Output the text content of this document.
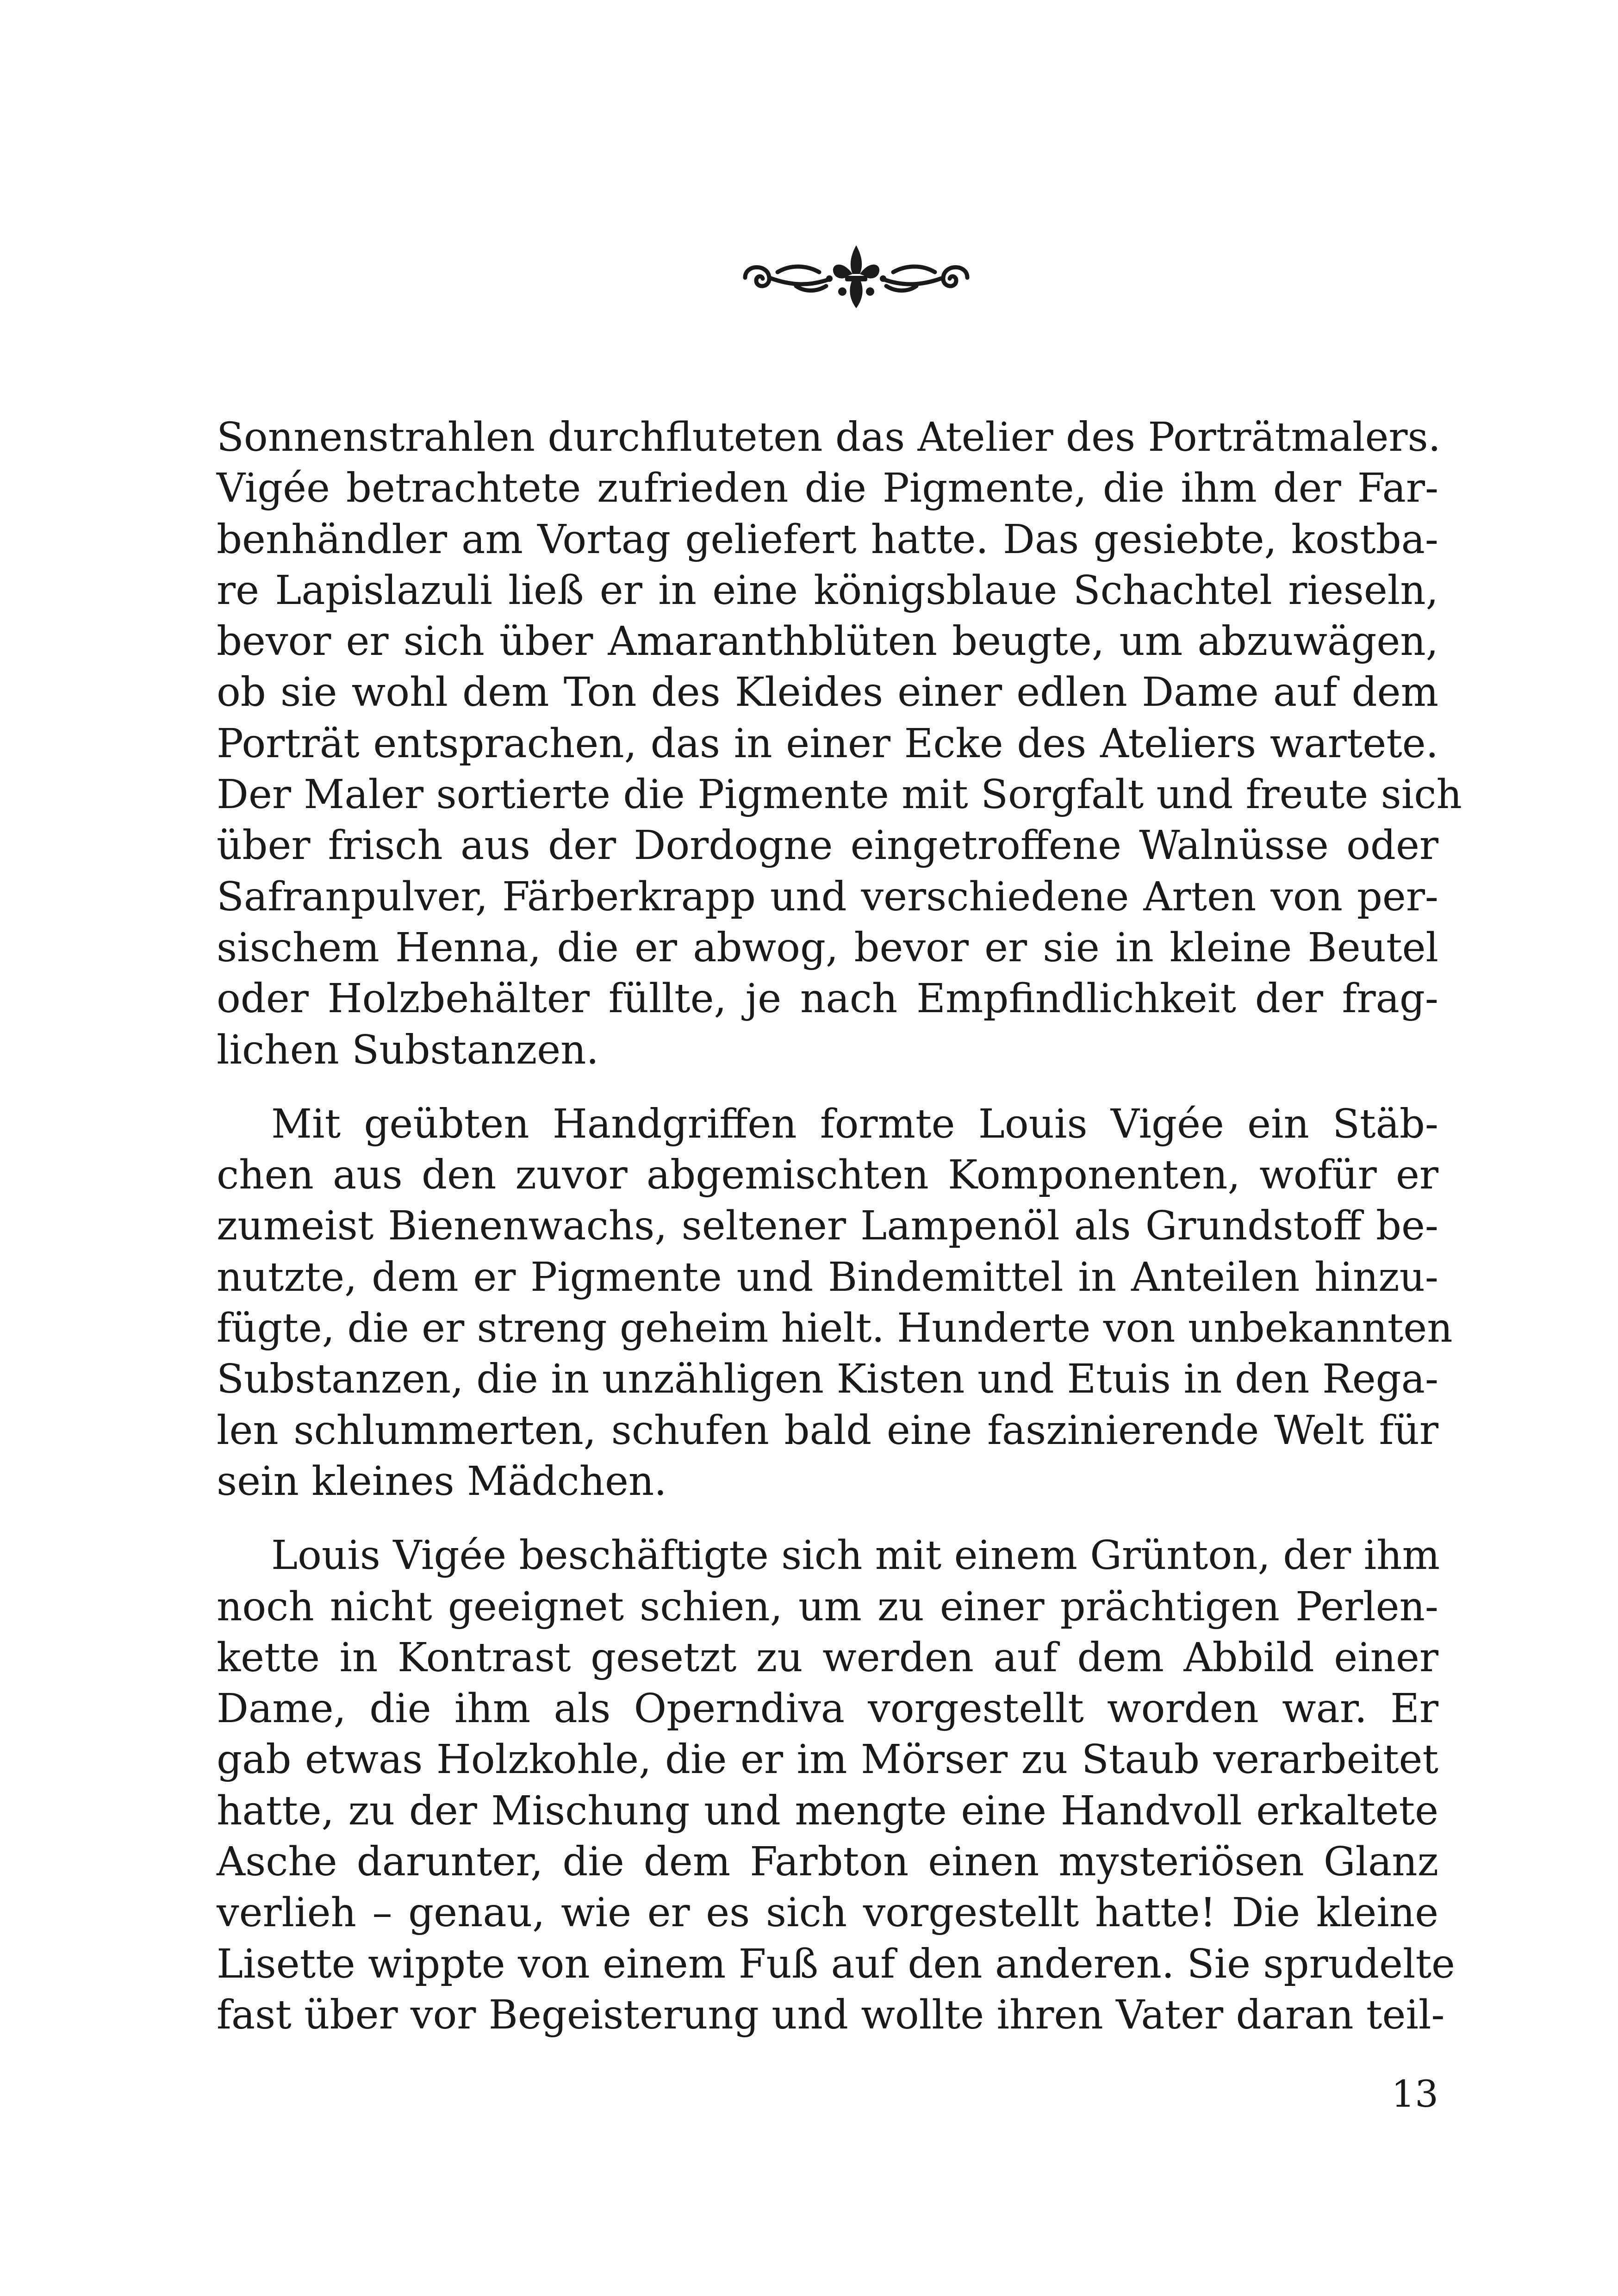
Sonnenstrahlen durchfluteten das Atelier des Porträtmalers.
Vigée betrachtete zufrieden die Pigmente, die ihm der Far-
benhändler am Vortag geliefert hatte. Das gesiebte, kostba-
re Lapislazuli ließ er in eine königsblaue Schachtel rieseln,
bevor er sich über Amaranthblüten beugte, um abzuwägen,
ob sie wohl dem Ton des Kleides einer edlen Dame auf dem
Porträt entsprachen, das in einer Ecke des Ateliers wartete.
Der Maler sortierte die Pigmente mit Sorgfalt und freute sich
über frisch aus der Dordogne eingetroffene Walnüsse oder
Safranpulver, Färberkrapp und verschiedene Arten von per-
sischem Henna, die er abwog, bevor er sie in kleine Beutel
oder Holzbehälter füllte, je nach Empfindlichkeit der frag-
lichen Substanzen.
Mit geübten Handgriffen formte Louis Vigée ein Stäb-
chen aus den zuvor abgemischten Komponenten, wofür er
zumeist Bienenwachs, seltener Lampenöl als Grundstoff be-
nutzte, dem er Pigmente und Bindemittel in Anteilen hinzu-
fügte, die er streng geheim hielt. Hunderte von unbekannten
Substanzen, die in unzähligen Kisten und Etuis in den Rega-
len schlummerten, schufen bald eine faszinierende Welt für
sein kleines Mädchen.
Louis Vigée beschäftigte sich mit einem Grünton, der ihm
noch nicht geeignet schien, um zu einer prächtigen Perlen-
kette in Kontrast gesetzt zu werden auf dem Abbild einer
Dame, die ihm als Operndiva vorgestellt worden war. Er
gab etwas Holzkohle, die er im Mörser zu Staub verarbeitet
hatte, zu der Mischung und mengte eine Handvoll erkaltete
Asche darunter, die dem Farbton einen mysteriösen Glanz
verlieh – genau, wie er es sich vorgestellt hatte! Die kleine
Lisette wippte von einem Fuß auf den anderen. Sie sprudelte
fast über vor Begeisterung und wollte ihren Vater daran teil-
13
